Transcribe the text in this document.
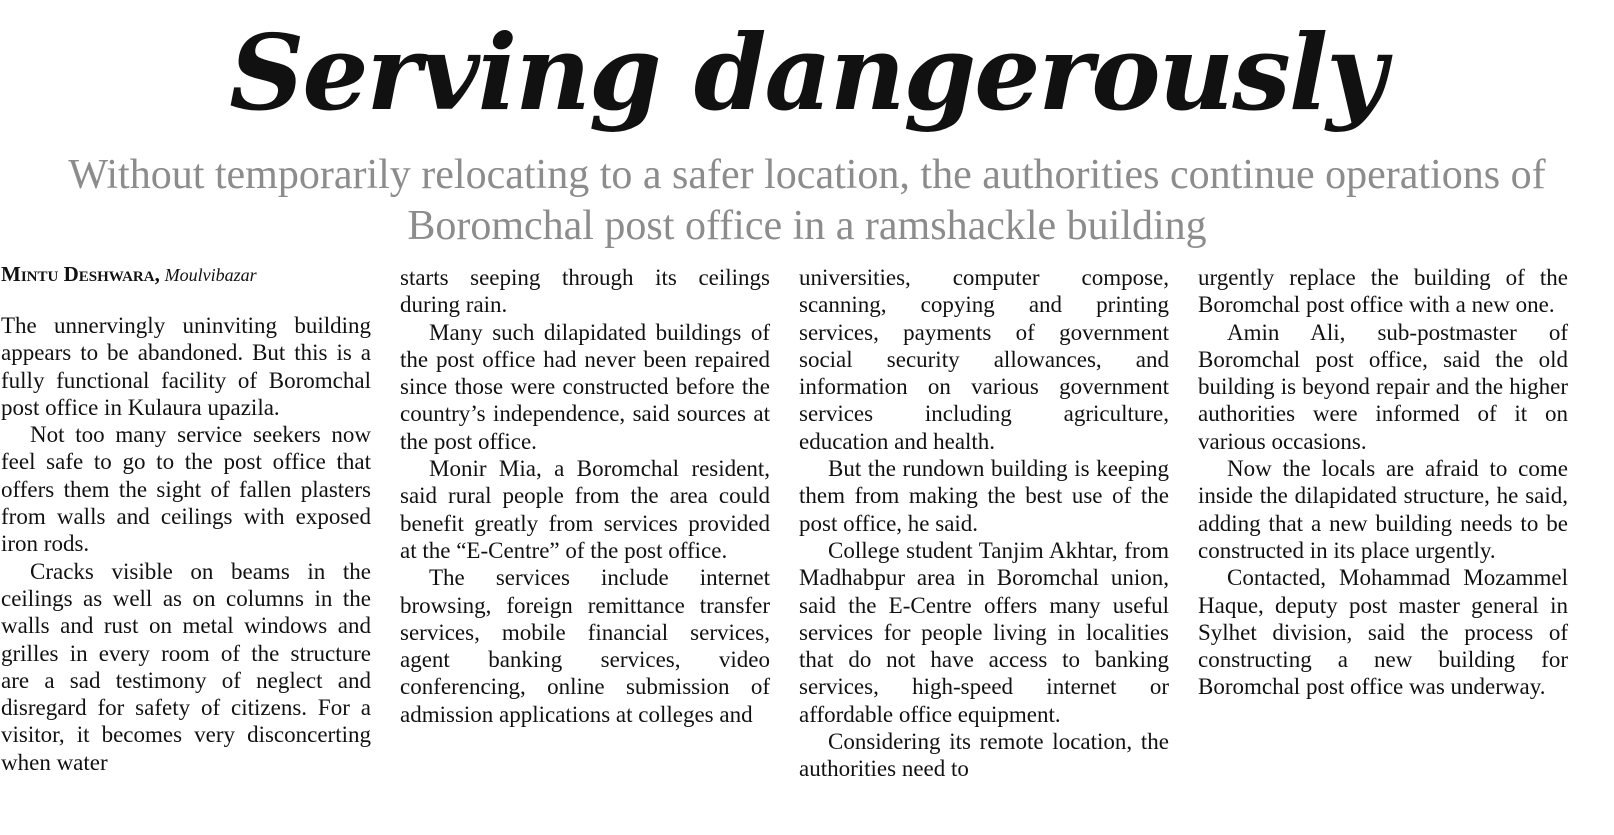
Serving dangerously

Without temporarily relocating to a safer location, the authorities continue operations of Boromchal post office in a ramshackle building

Mintu Deshwara, Moulvibazar

The unnervingly uninviting building appears to be abandoned. But this is a fully functional facility of Boromchal post office in Kulaura upazila.

Not too many service seekers now feel safe to go to the post office that offers them the sight of fallen plasters from walls and ceilings with exposed iron rods.

Cracks visible on beams in the ceilings as well as on columns in the walls and rust on metal windows and grilles in every room of the structure are a sad testimony of neglect and disregard for safety of citizens. For a visitor, it becomes very disconcerting when water

starts seeping through its ceilings during rain.

Many such dilapidated buildings of the post office had never been repaired since those were constructed before the country’s independence, said sources at the post office.

Monir Mia, a Boromchal resident, said rural people from the area could benefit greatly from services provided at the “E-Centre” of the post office.

The services include internet browsing, foreign remittance transfer services, mobile financial services, agent banking services, video conferencing, online submission of admission applications at colleges and

universities, computer compose, scanning, copying and printing services, payments of government social security allowances, and information on various government services including agriculture, education and health.

But the rundown building is keeping them from making the best use of the post office, he said.

College student Tanjim Akhtar, from Madhabpur area in Boromchal union, said the E-Centre offers many useful services for people living in localities that do not have access to banking services, high-speed internet or affordable office equipment.

Considering its remote location, the authorities need to

urgently replace the building of the Boromchal post office with a new one.

Amin Ali, sub-postmaster of Boromchal post office, said the old building is beyond repair and the higher authorities were informed of it on various occasions.

Now the locals are afraid to come inside the dilapidated structure, he said, adding that a new building needs to be constructed in its place urgently.

Contacted, Mohammad Mozammel Haque, deputy post master general in Sylhet division, said the process of constructing a new building for Boromchal post office was underway.
